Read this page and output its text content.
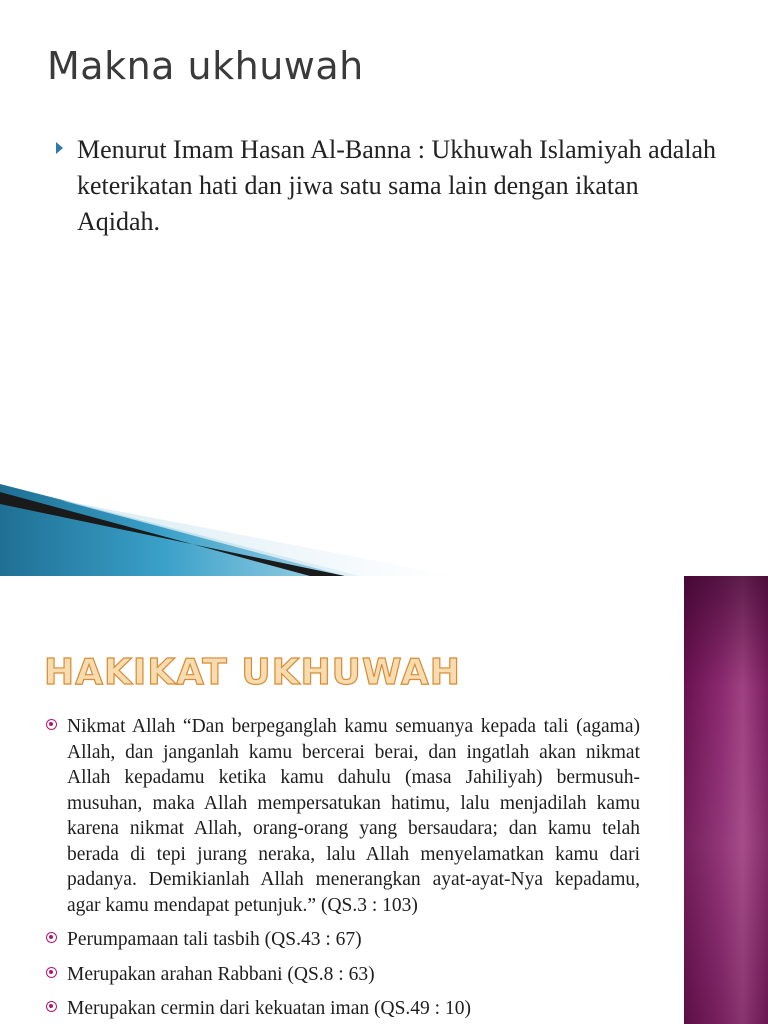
Makna ukhuwah
Menurut Imam Hasan Al-Banna : Ukhuwah Islamiyah adalah keterikatan hati dan jiwa satu sama lain dengan ikatan Aqidah.
HAKIKAT UKHUWAH
Nikmat Allah “Dan berpeganglah kamu semuanya kepada tali (agama) Allah, dan janganlah kamu bercerai berai, dan ingatlah akan nikmat Allah kepadamu ketika kamu dahulu (masa Jahiliyah) bermusuh-musuhan, maka Allah mempersatukan hatimu, lalu menjadilah kamu karena nikmat Allah, orang-orang yang bersaudara; dan kamu telah berada di tepi jurang neraka, lalu Allah menyelamatkan kamu dari padanya. Demikianlah Allah menerangkan ayat-ayat-Nya kepadamu, agar kamu mendapat petunjuk.” (QS.3 : 103)
Perumpamaan tali tasbih (QS.43 : 67)
Merupakan arahan Rabbani (QS.8 : 63)
Merupakan cermin dari kekuatan iman (QS.49 : 10)
